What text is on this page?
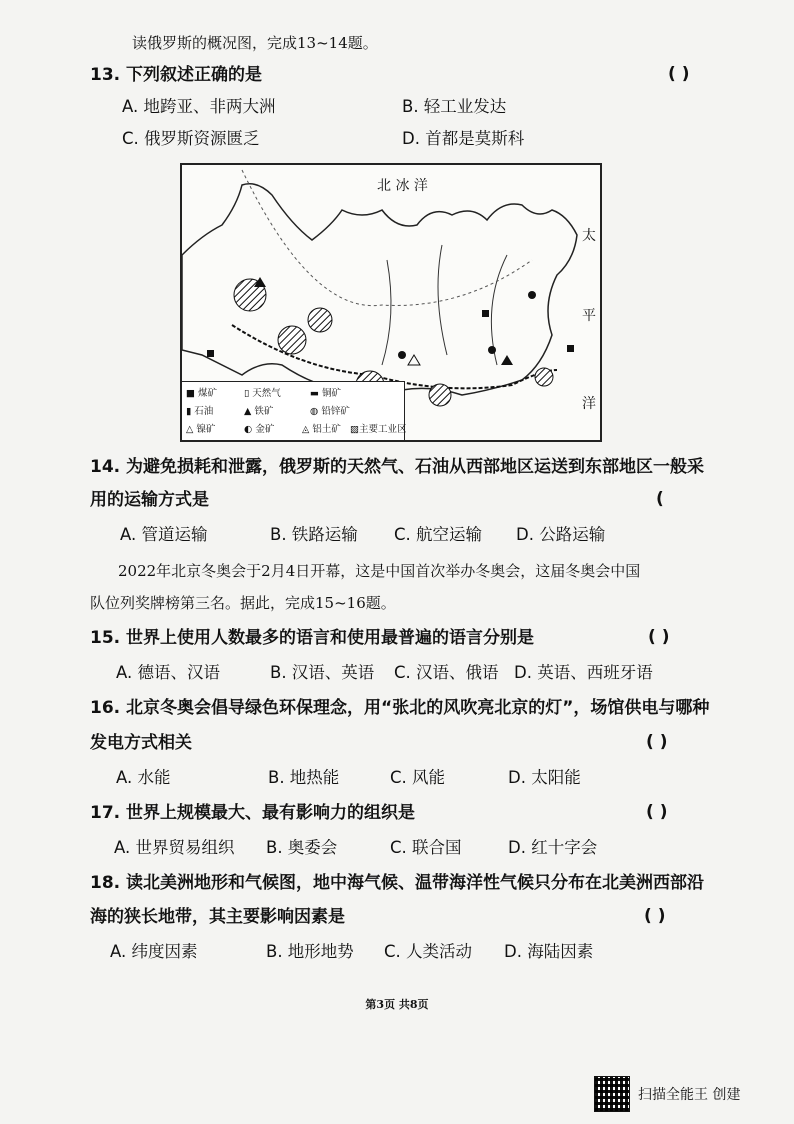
读俄罗斯的概况图，完成13~14题。
13. 下列叙述正确的是	( )
A. 地跨亚、非两大洲	B. 轻工业发达
C. 俄罗斯资源匮乏	D. 首都是莫斯科
北 冰 洋
太
平
洋
■ 煤矿	▯ 天然气	▬ 铜矿
▮ 石油	▲ 铁矿	◍ 铅锌矿
△ 镍矿	◐ 金矿	◬ 铝土矿 ▨主要工业区
14. 为避免损耗和泄露，俄罗斯的天然气、石油从西部地区运送到东部地区一般采
用的运输方式是	(
A. 管道运输	B. 铁路运输 C. 航空运输 D. 公路运输
2022年北京冬奥会于2月4日开幕，这是中国首次举办冬奥会，这届冬奥会中国
队位列奖牌榜第三名。据此，完成15~16题。
15. 世界上使用人数最多的语言和使用最普遍的语言分别是	( )
A. 德语、汉语	B. 汉语、英语 C. 汉语、俄语 D. 英语、西班牙语
16. 北京冬奥会倡导绿色环保理念，用“张北的风吹亮北京的灯”，场馆供电与哪种
发电方式相关	( )
A. 水能	B. 地热能	C. 风能	D. 太阳能
17. 世界上规模最大、最有影响力的组织是	( )
A. 世界贸易组织 B. 奥委会	C. 联合国	D. 红十字会
18. 读北美洲地形和气候图，地中海气候、温带海洋性气候只分布在北美洲西部沿
海的狭长地带，其主要影响因素是	( )
A. 纬度因素	B. 地形地势 C. 人类活动 D. 海陆因素
第3页 共8页
扫描全能王 创建
